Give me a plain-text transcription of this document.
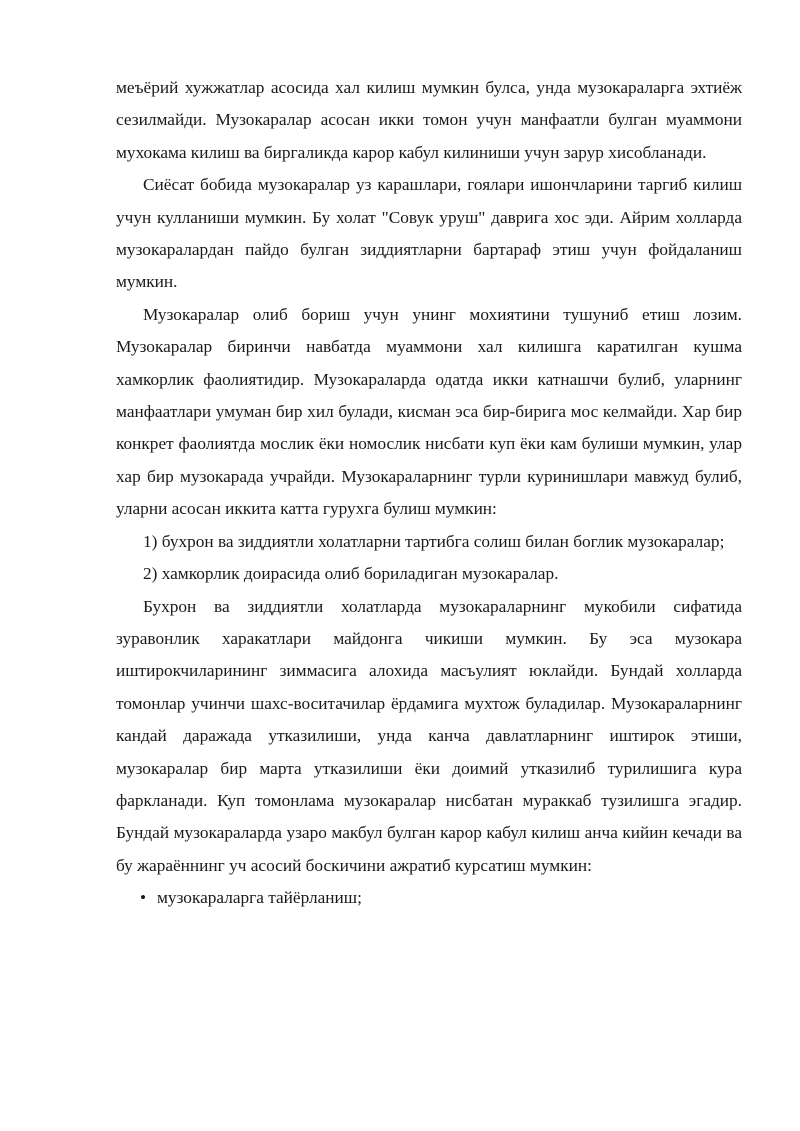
меъёрий хужжатлар асосида хал килиш мумкин булса, унда музокараларга эхтиёж сезилмайди. Музокаралар асосан икки томон учун манфаатли булган муаммони мухокама килиш ва биргаликда карор кабул килиниши учун зарур хисобланади.

Сиёсат бобида музокаралар уз карашлари, гоялари ишончларини таргиб килиш учун кулланиши мумкин. Бу холат "Совук уруш" даврига хос эди. Айрим холларда музокаралардан пайдо булган зиддиятларни бартараф этиш учун фойдаланиш мумкин.

Музокаралар олиб бориш учун унинг мохиятини тушуниб етиш лозим. Музокаралар биринчи навбатда муаммони хал килишга каратилган кушма хамкорлик фаолиятидир. Музокараларда одатда икки катнашчи булиб, уларнинг манфаатлари умуман бир хил булади, кисман эса бир-бирига мос келмайди. Хар бир конкрет фаолиятда мослик ёки номослик нисбати куп ёки кам булиши мумкин, улар хар бир музокарада учрайди. Музокараларнинг турли куринишлари мавжуд булиб, уларни асосан иккита катта гурухга булиш мумкин:

1) бухрон ва зиддиятли холатларни тартибга солиш билан боглик музокаралар;

2) хамкорлик доирасида олиб бориладиган музокаралар.

Бухрон ва зиддиятли холатларда музокараларнинг мукобили сифатида зуравонлик харакатлари майдонга чикиши мумкин. Бу эса музокара иштирокчиларининг зиммасига алохида масъулият юклайди. Бундай холларда томонлар учинчи шахс-воситачилар ёрдамига мухтож буладилар. Музокараларнинг кандай даражада утказилиши, унда канча давлатларнинг иштирок этиши, музокаралар бир марта утказилиши ёки доимий утказилиб турилишига кура фаркланади. Куп томонлама музокаралар нисбатан мураккаб тузилишга эгадир. Бундай музокараларда узаро макбул булган карор кабул килиш анча кийин кечади ва бу жараённинг уч асосий боскичини ажратиб курсатиш мумкин:

• музокараларга тайёрланиш;
